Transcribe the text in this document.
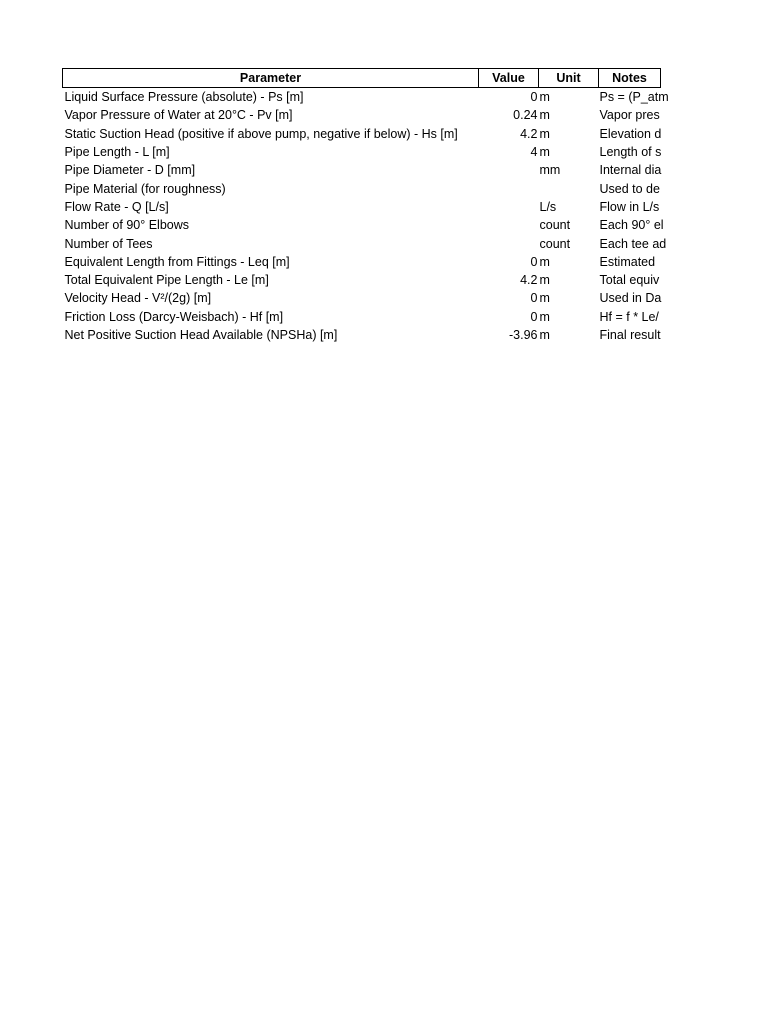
Parameter	Value	Unit	Notes
Liquid Surface Pressure (absolute) - Ps [m]	0	m	Ps = (P_atm
Vapor Pressure of Water at 20°C - Pv [m]	0.24	m	Vapor pres
Static Suction Head (positive if above pump, negative if below) - Hs [m]	4.2	m	Elevation d
Pipe Length - L [m]	4	m	Length of s
Pipe Diameter - D [mm]		mm	Internal dia
Pipe Material (for roughness)			Used to de
Flow Rate - Q [L/s]		L/s	Flow in L/s
Number of 90° Elbows		count	Each 90° el
Number of Tees		count	Each tee ad
Equivalent Length from Fittings - Leq [m]	0	m	Estimated
Total Equivalent Pipe Length - Le [m]	4.2	m	Total equiv
Velocity Head - V²/(2g) [m]	0	m	Used in Da
Friction Loss (Darcy-Weisbach) - Hf [m]	0	m	Hf = f * Le/
Net Positive Suction Head Available (NPSHa) [m]	-3.96	m	Final result
